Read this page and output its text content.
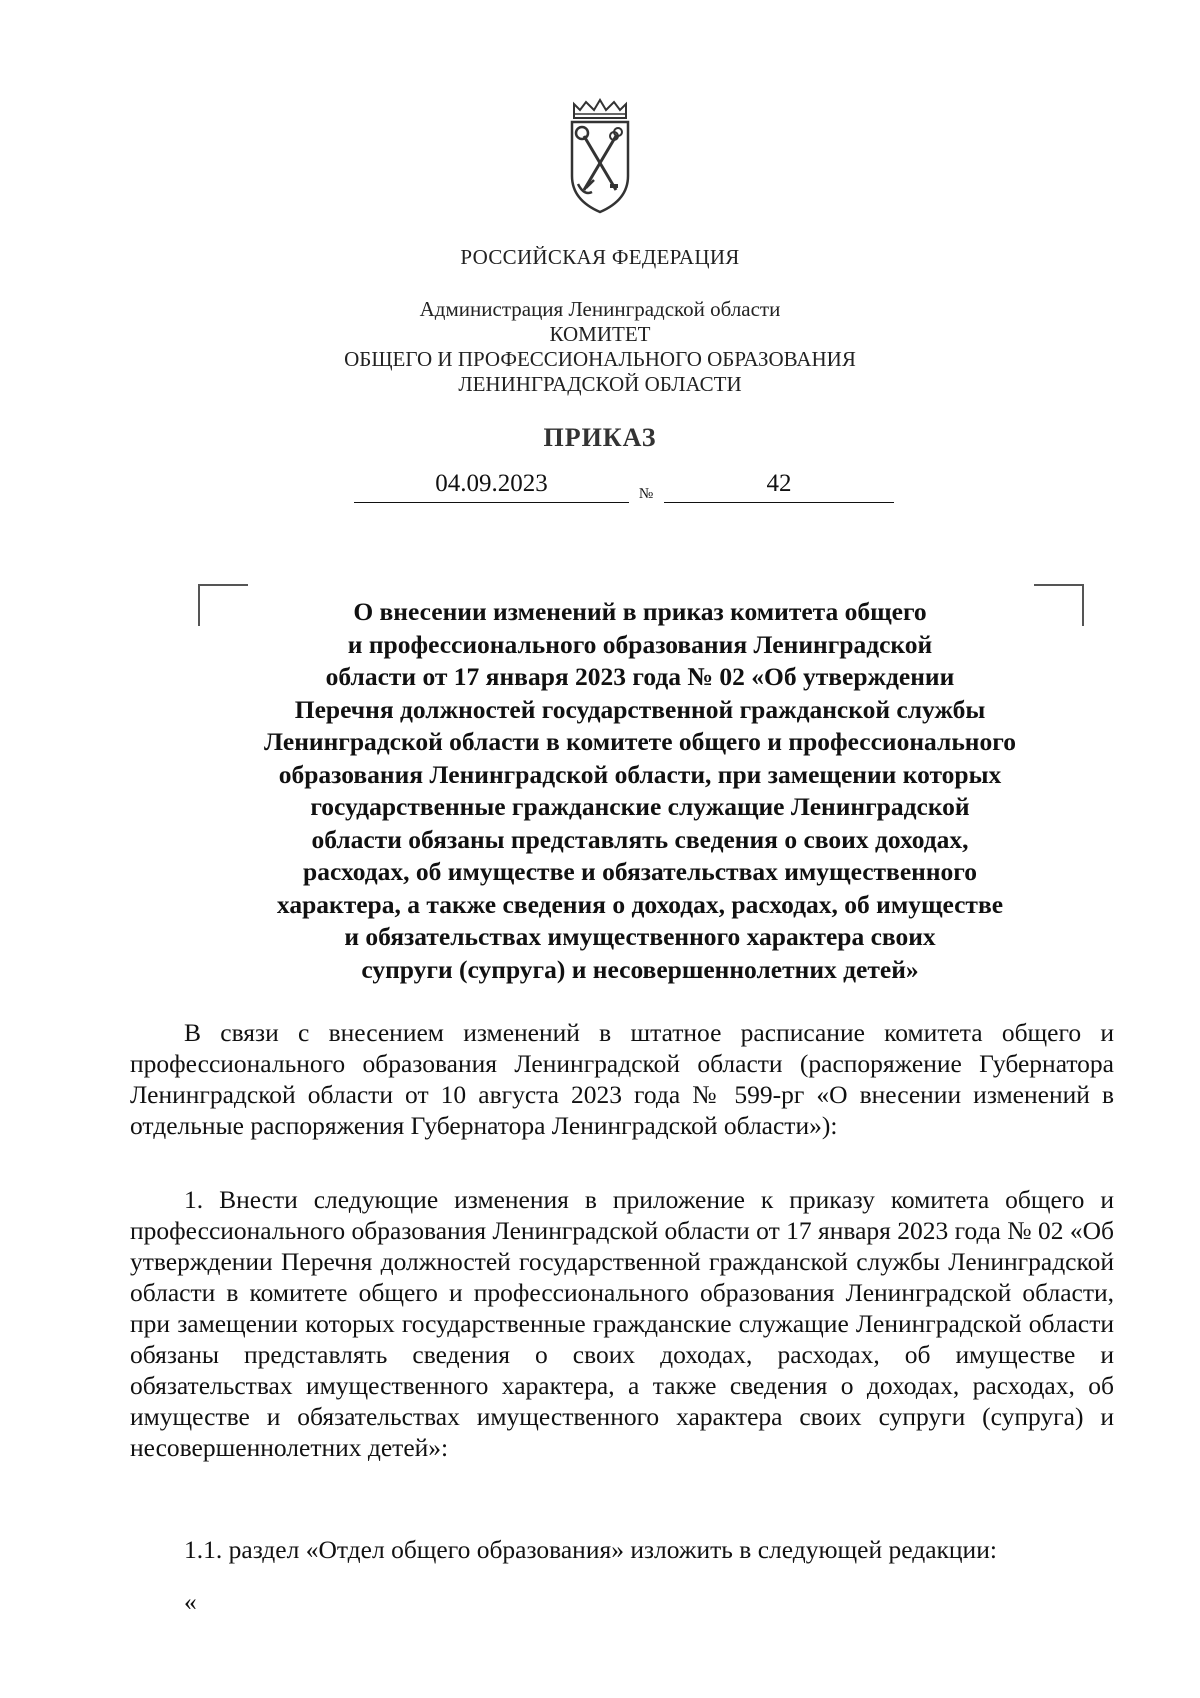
РОССИЙСКАЯ ФЕДЕРАЦИЯ
Администрация Ленинградской области
КОМИТЕТ
ОБЩЕГО И ПРОФЕССИОНАЛЬНОГО ОБРАЗОВАНИЯ
ЛЕНИНГРАДСКОЙ ОБЛАСТИ
ПРИКАЗ
04.09.2023	№	42
О внесении изменений в приказ комитета общего
и профессионального образования Ленинградской
области от 17 января 2023 года № 02 «Об утверждении
Перечня должностей государственной гражданской службы
Ленинградской области в комитете общего и профессионального
образования Ленинградской области, при замещении которых
государственные гражданские служащие Ленинградской
области обязаны представлять сведения о своих доходах,
расходах, об имуществе и обязательствах имущественного
характера, а также сведения о доходах, расходах, об имуществе
и обязательствах имущественного характера своих
супруги (супруга) и несовершеннолетних детей»

В связи с внесением изменений в штатное расписание комитета общего и профессионального образования Ленинградской области (распоряжение Губернатора Ленинградской области от 10 августа 2023 года № 599-рг «О внесении изменений в отдельные распоряжения Губернатора Ленинградской области»):

1. Внести следующие изменения в приложение к приказу комитета общего и профессионального образования Ленинградской области от 17 января 2023 года № 02 «Об утверждении Перечня должностей государственной гражданской службы Ленинградской области в комитете общего и профессионального образования Ленинградской области, при замещении которых государственные гражданские служащие Ленинградской области обязаны представлять сведения о своих доходах, расходах, об имуществе и обязательствах имущественного характера, а также сведения о доходах, расходах, об имуществе и обязательствах имущественного характера своих супруги (супруга) и несовершеннолетних детей»:

1.1. раздел «Отдел общего образования» изложить в следующей редакции:

«
